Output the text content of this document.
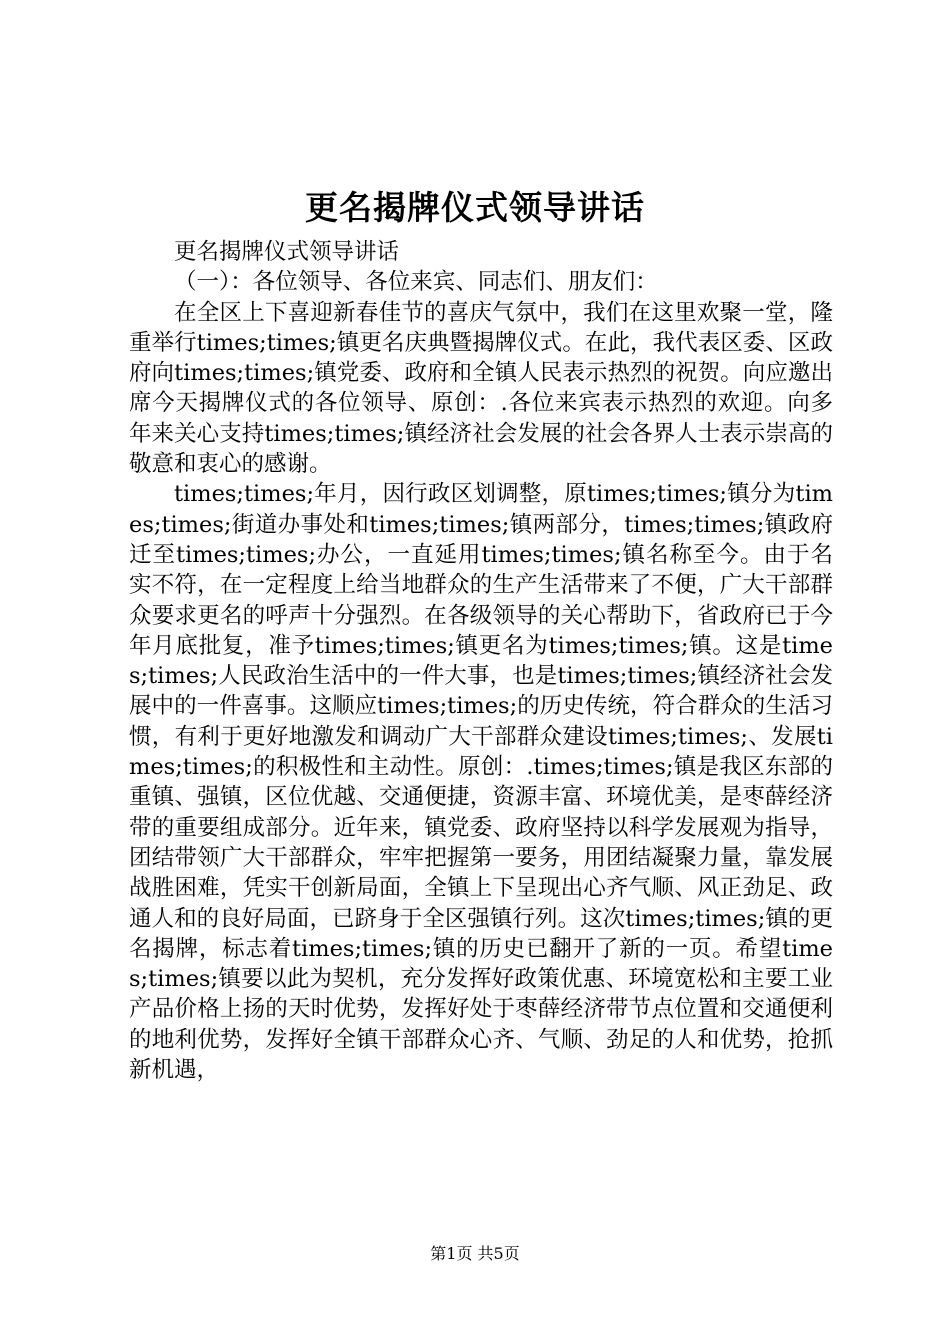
更名揭牌仪式领导讲话

更名揭牌仪式领导讲话

（一）：各位领导、各位来宾、同志们、朋友们：

在全区上下喜迎新春佳节的喜庆气氛中，我们在这里欢聚一堂，隆重举行times;times;镇更名庆典暨揭牌仪式。在此，我代表区委、区政府向times;times;镇党委、政府和全镇人民表示热烈的祝贺。向应邀出席今天揭牌仪式的各位领导、原创：.各位来宾表示热烈的欢迎。向多年来关心支持times;times;镇经济社会发展的社会各界人士表示崇高的敬意和衷心的感谢。

times;times;年月，因行政区划调整，原times;times;镇分为times;times;街道办事处和times;times;镇两部分，times;times;镇政府迁至times;times;办公，一直延用times;times;镇名称至今。由于名实不符，在一定程度上给当地群众的生产生活带来了不便，广大干部群众要求更名的呼声十分强烈。在各级领导的关心帮助下，省政府已于今年月底批复，准予times;times;镇更名为times;times;镇。这是times;times;人民政治生活中的一件大事，也是times;times;镇经济社会发展中的一件喜事。这顺应times;times;的历史传统，符合群众的生活习惯，有利于更好地激发和调动广大干部群众建设times;times;、发展times;times;的积极性和主动性。原创：.times;times;镇是我区东部的重镇、强镇，区位优越、交通便捷，资源丰富、环境优美，是枣薛经济带的重要组成部分。近年来，镇党委、政府坚持以科学发展观为指导，团结带领广大干部群众，牢牢把握第一要务，用团结凝聚力量，靠发展战胜困难，凭实干创新局面，全镇上下呈现出心齐气顺、风正劲足、政通人和的良好局面，已跻身于全区强镇行列。这次times;times;镇的更名揭牌，标志着times;times;镇的历史已翻开了新的一页。希望times;times;镇要以此为契机，充分发挥好政策优惠、环境宽松和主要工业产品价格上扬的天时优势，发挥好处于枣薛经济带节点位置和交通便利的地利优势，发挥好全镇干部群众心齐、气顺、劲足的人和优势，抢抓新机遇，

第1页 共5页
